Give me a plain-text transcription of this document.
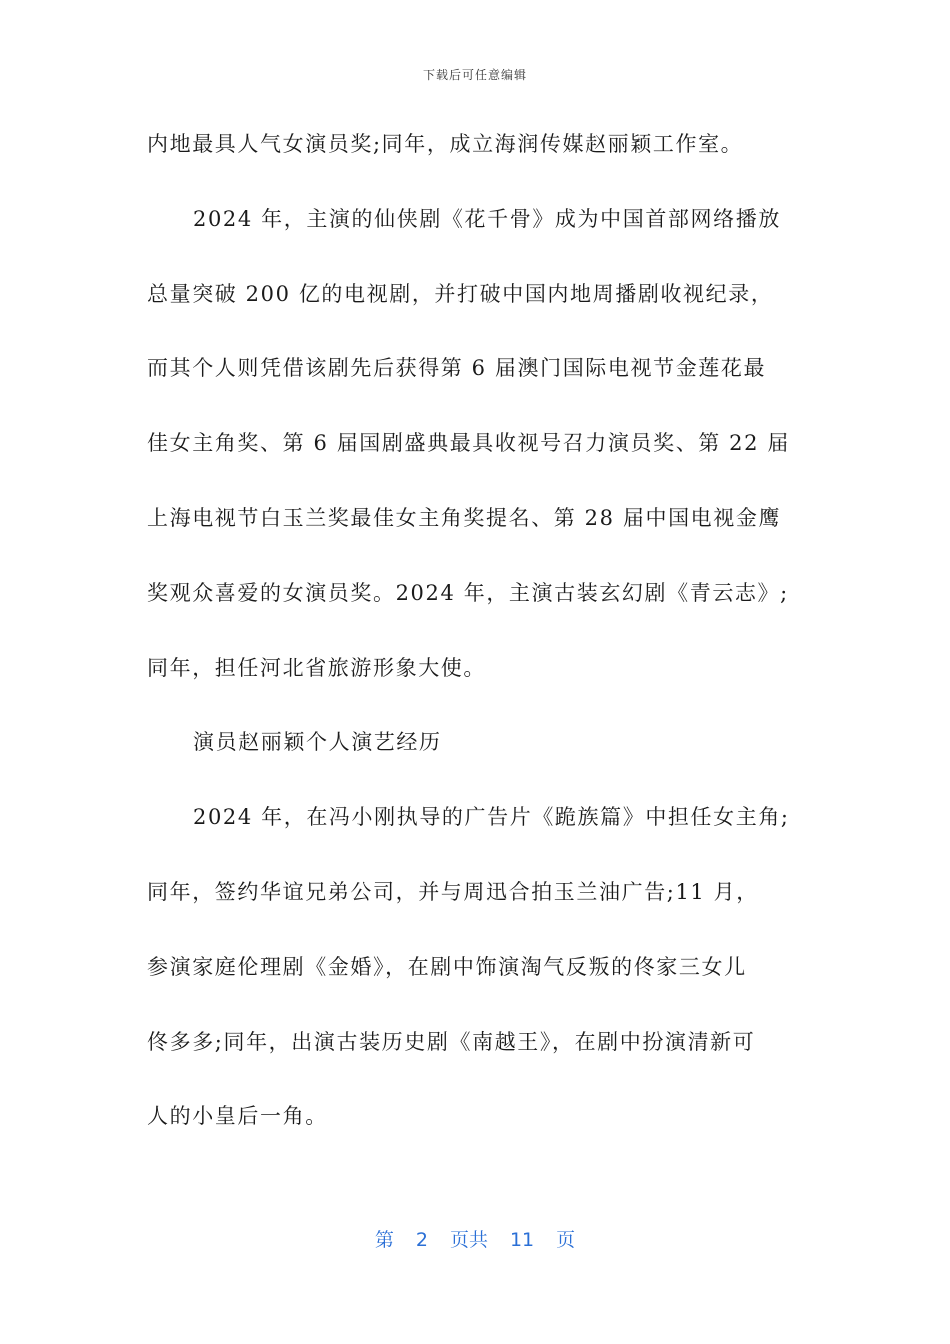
下载后可任意编辑
内地最具人气女演员奖;同年，成立海润传媒赵丽颖工作室。
2024 年，主演的仙侠剧《花千骨》成为中国首部网络播放
总量突破 200 亿的电视剧，并打破中国内地周播剧收视纪录，
而其个人则凭借该剧先后获得第 6 届澳门国际电视节金莲花最
佳女主角奖、第 6 届国剧盛典最具收视号召力演员奖、第 22 届
上海电视节白玉兰奖最佳女主角奖提名、第 28 届中国电视金鹰
奖观众喜爱的女演员奖。2024 年，主演古装玄幻剧《青云志》;
同年，担任河北省旅游形象大使。
演员赵丽颖个人演艺经历
2024 年，在冯小刚执导的广告片《跪族篇》中担任女主角;
同年，签约华谊兄弟公司，并与周迅合拍玉兰油广告;11 月，
参演家庭伦理剧《金婚》，在剧中饰演淘气反叛的佟家三女儿
佟多多;同年，出演古装历史剧《南越王》，在剧中扮演清新可
人的小皇后一角。
第 2 页共 11 页
